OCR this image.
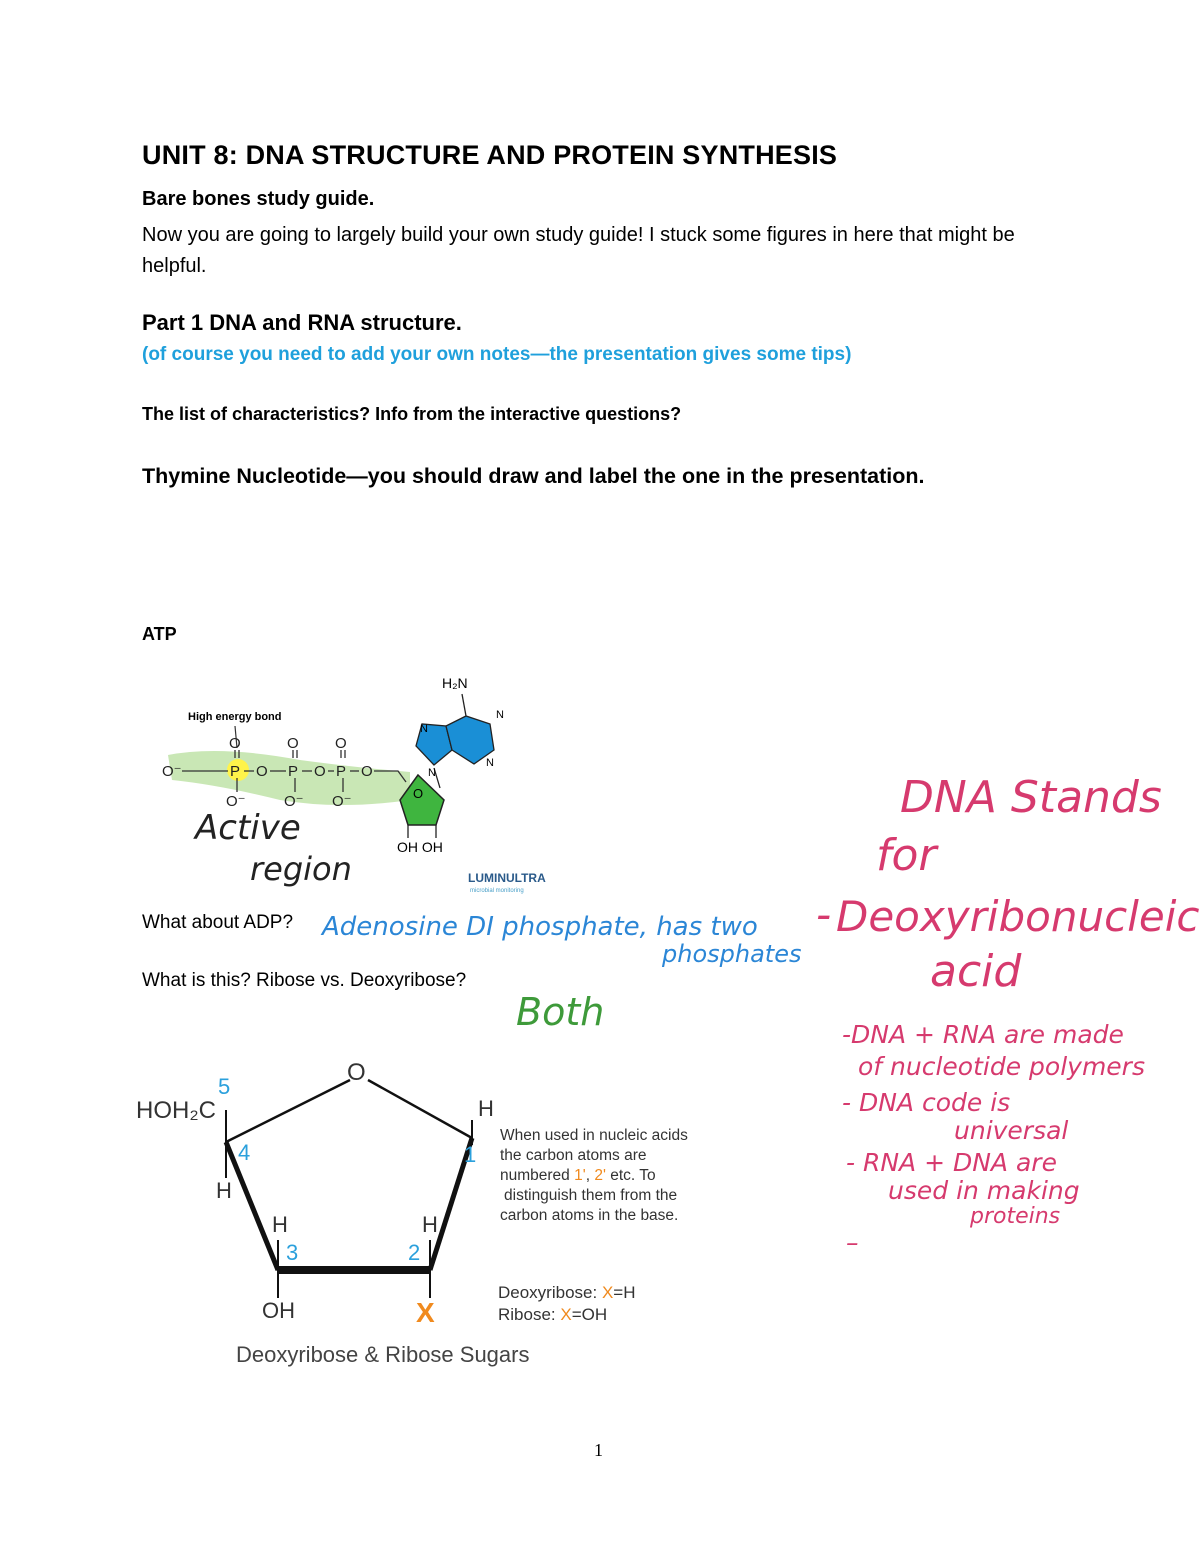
UNIT 8: DNA STRUCTURE AND PROTEIN SYNTHESIS
Bare bones study guide.
Now you are going to largely build your own study guide! I stuck some figures in here that might be helpful.
Part 1 DNA and RNA structure.
(of course you need to add your own notes—the presentation gives some tips)
The list of characteristics? Info from the interactive questions?
Thymine Nucleotide—you should draw and label the one in the presentation.
ATP
What about ADP?
What is this? Ribose vs. Deoxyribose?
1
High energy bond
O⁻	P O P O P O
O	O O
O⁻	O⁻ O⁻	O
OH OH
N
N
N
N
H₂N
LUMINULTRA
microbial monitoring
Active
region
Adenosine DI phosphate, has two
phosphates
Both
DNA Stands
for
- Deoxyribonucleic
acid
-DNA + RNA are made
of nucleotide polymers
- DNA code is
universal
- RNA + DNA are
used in making
proteins
–
O
HOH₂C
5
4
H
H
1
H
3
H
2
OH	X
When used in nucleic acids
the carbon atoms are
numbered 1', 2' etc. To
distinguish them from the
carbon atoms in the base.
Deoxyribose: X=H
Ribose: X=OH
Deoxyribose & Ribose Sugars
